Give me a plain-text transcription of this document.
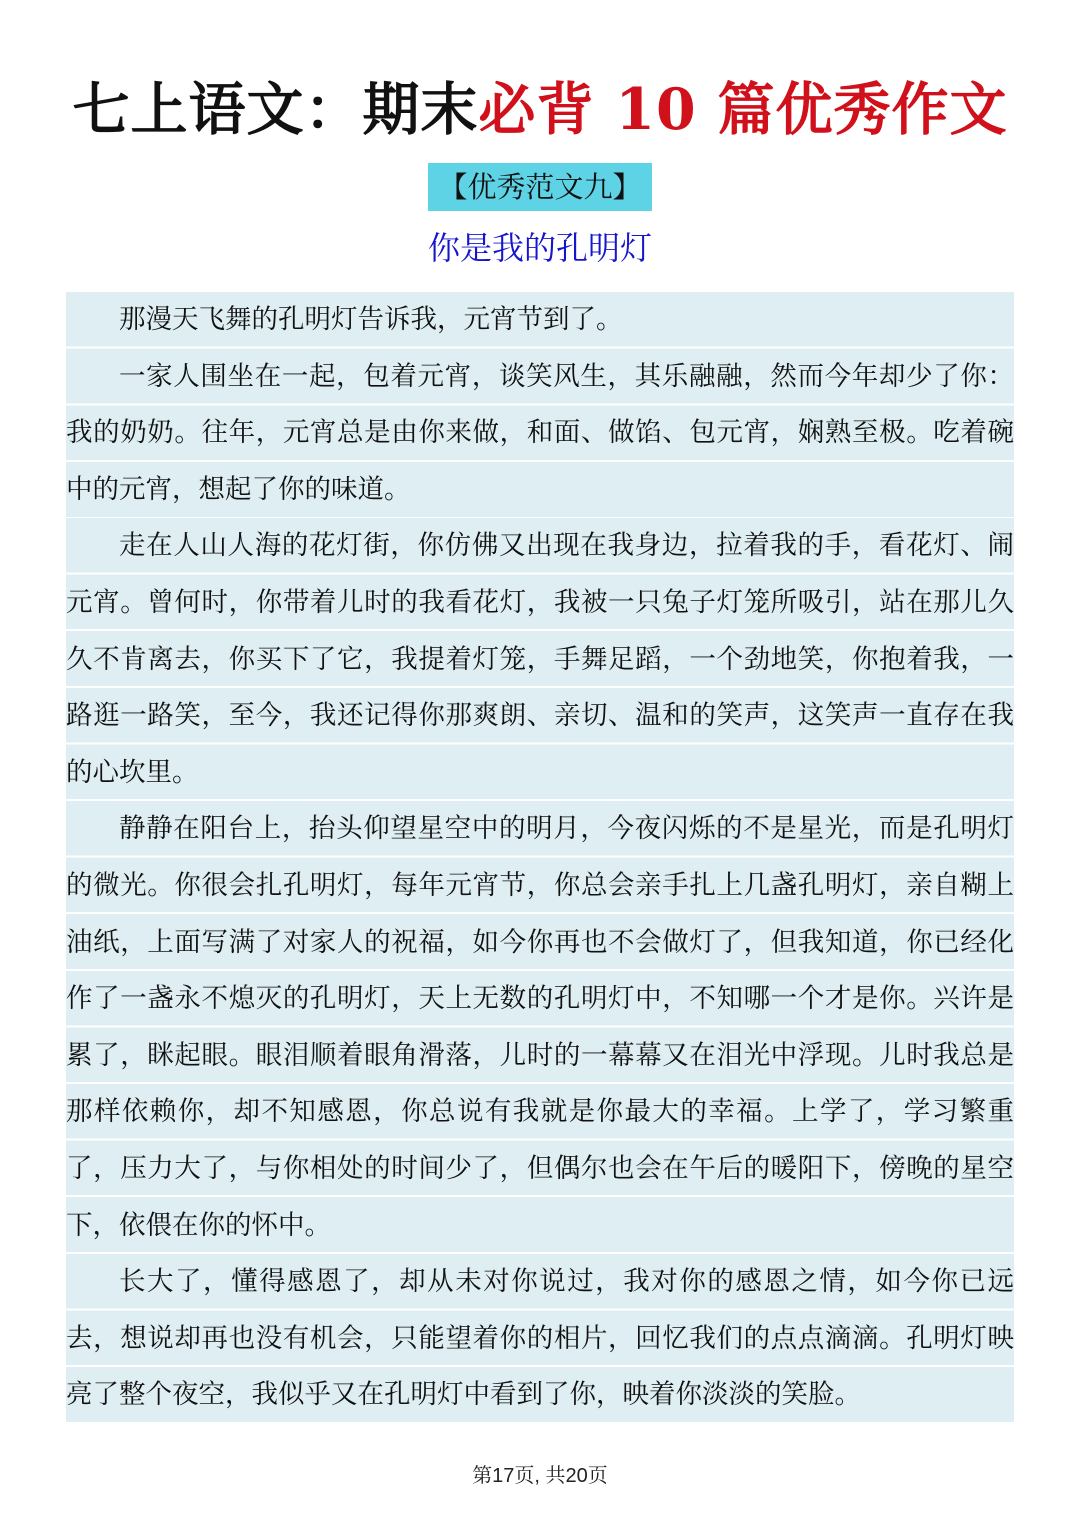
七上语文：期末必背 10 篇优秀作文
【优秀范文九】
你是我的孔明灯

那漫天飞舞的孔明灯告诉我，元宵节到了。

一家人围坐在一起，包着元宵，谈笑风生，其乐融融，然而今年却少了你：我的奶奶。往年，元宵总是由你来做，和面、做馅、包元宵，娴熟至极。吃着碗中的元宵，想起了你的味道。

走在人山人海的花灯街，你仿佛又出现在我身边，拉着我的手，看花灯、闹元宵。曾何时，你带着儿时的我看花灯，我被一只兔子灯笼所吸引，站在那儿久久不肯离去，你买下了它，我提着灯笼，手舞足蹈，一个劲地笑，你抱着我，一路逛一路笑，至今，我还记得你那爽朗、亲切、温和的笑声，这笑声一直存在我的心坎里。

静静在阳台上，抬头仰望星空中的明月，今夜闪烁的不是星光，而是孔明灯的微光。你很会扎孔明灯，每年元宵节，你总会亲手扎上几盏孔明灯，亲自糊上油纸，上面写满了对家人的祝福，如今你再也不会做灯了，但我知道，你已经化作了一盏永不熄灭的孔明灯，天上无数的孔明灯中，不知哪一个才是你。兴许是累了，眯起眼。眼泪顺着眼角滑落，儿时的一幕幕又在泪光中浮现。儿时我总是那样依赖你，却不知感恩，你总说有我就是你最大的幸福。上学了，学习繁重了，压力大了，与你相处的时间少了，但偶尔也会在午后的暖阳下，傍晚的星空下，依偎在你的怀中。

长大了，懂得感恩了，却从未对你说过，我对你的感恩之情，如今你已远去，想说却再也没有机会，只能望着你的相片，回忆我们的点点滴滴。孔明灯映亮了整个夜空，我似乎又在孔明灯中看到了你，映着你淡淡的笑脸。

第17页, 共20页
